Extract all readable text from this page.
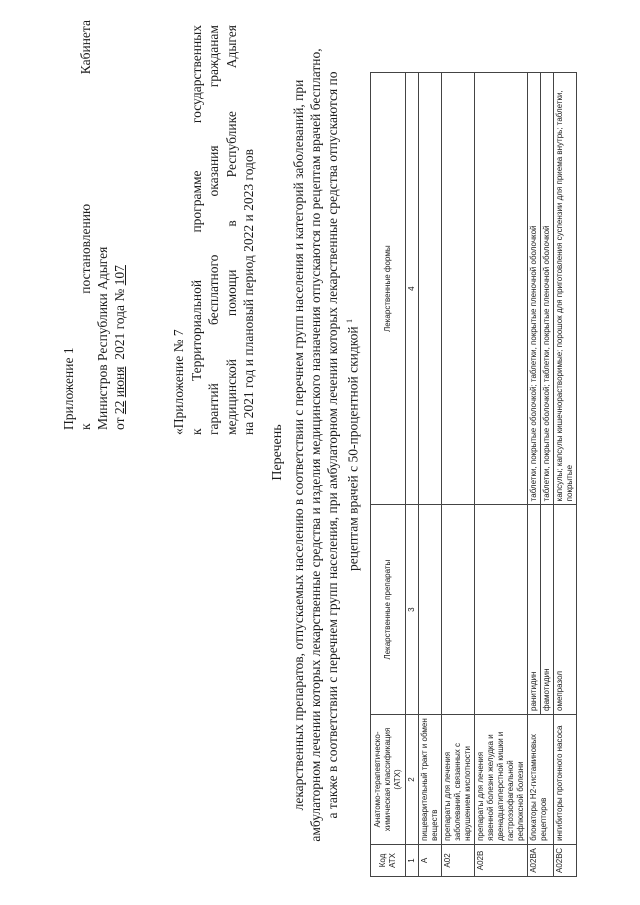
Приложение 1 к
постановлению
Кабинета
Министров Республики Адыгея от

22

июня

2021 года №

107
«Приложение № 7 к
Территориальной
программе
государственных
гарантий
бесплатного
оказания
гражданам
медицинской
помощи
в
Республике
Адыгея
на 2021 год и плановый период 2022 и 2023 годов
Перечень лекарственных препаратов, отпускаемых населению в соответствии с перечнем групп населения и категорий заболеваний, при амбулаторном лечении которых лекарственные средства и изделия медицинского назначения отпускаются по рецептам врачей бесплатно, а также в соответствии с перечнем групп населения, при амбулаторном лечении которых лекарственные средства отпускаются по рецептам врачей с 50-процентной скидкой $^1$
Код АТХ	Анатомо-терапевтическо-химическая классификация (АТХ)	Лекарственные препараты	Лекарственные формы
1	2	3	4
А	пищеварительный тракт и обмен веществ		
А02	препараты для лечения заболеваний, связанных с нарушением кислотности		
А02В	препараты для лечения язвенной болезни желудка и двенадцатиперстной кишки и гастроэзофагеальной рефлюксной болезни		
А02ВА	блокаторы Н2-гистаминовых рецепторов	ранитидин	таблетки, покрытые оболочкой; таблетки, покрытые пленочной оболочкой
		фамотидин	таблетки, покрытые оболочкой; таблетки, покрытые пленочной оболочкой
А02ВС	ингибиторы протонного насоса	омепразол	капсулы; капсулы кишечнорастворимые; порошок для приготовления суспензии для приема внутрь; таблетки, покрытые
